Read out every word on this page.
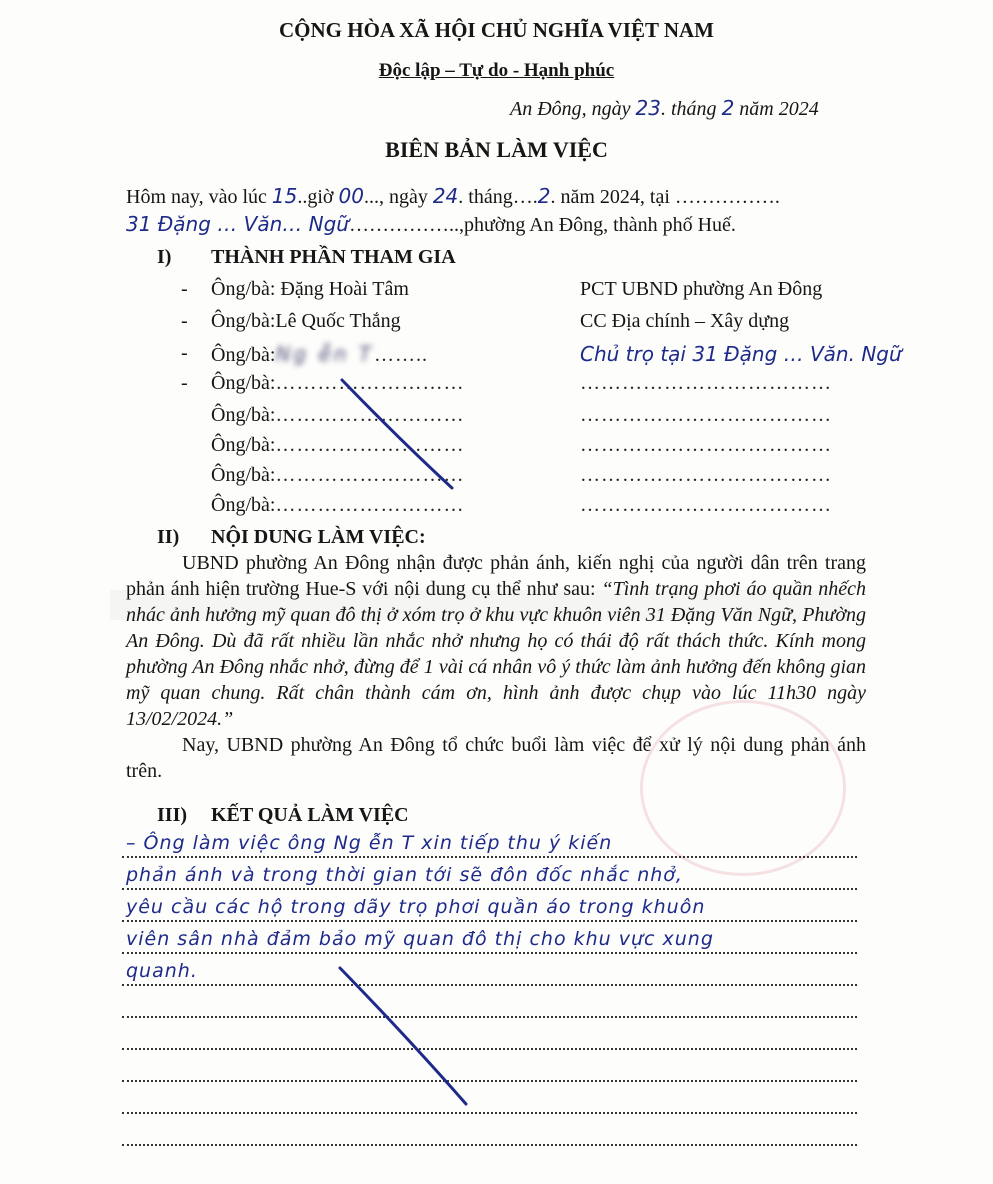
CỘNG HÒA XÃ HỘI CHỦ NGHĨA VIỆT NAM
Độc lập – Tự do - Hạnh phúc
An Đông, ngày 23. tháng 2 năm 2024
BIÊN BẢN LÀM VIỆC
Hôm nay, vào lúc 15..giờ 00..., ngày 24. tháng….2. năm 2024, tại …………….
31 Đặng … Văn… Ngữ……………..,phường An Đông, thành phố Huế.
I) THÀNH PHẦN THAM GIA
- Ông/bà: Đặng Hoài Tâm	PCT UBND phường An Đông
- Ông/bà:Lê Quốc Thắng	CC Địa chính – Xây dựng
- Ông/bà:Ng ễn T……..	Chủ trọ tại 31 Đặng … Văn. Ngữ
- Ông/bà:………………………	………………………………
Ông/bà:………………………	………………………………
Ông/bà:………………………	………………………………
Ông/bà:………………………	………………………………
Ông/bà:………………………	………………………………
II) NỘI DUNG LÀM VIỆC:
UBND phường An Đông nhận được phản ánh, kiến nghị của người dân trên trang phản ánh hiện trường Hue-S với nội dung cụ thể như sau: “Tình trạng phơi áo quần nhếch nhác ảnh hưởng mỹ quan đô thị ở xóm trọ ở khu vực khuôn viên 31 Đặng Văn Ngữ, Phường An Đông. Dù đã rất nhiều lần nhắc nhở nhưng họ có thái độ rất thách thức. Kính mong phường An Đông nhắc nhở, đừng để 1 vài cá nhân vô ý thức làm ảnh hưởng đến không gian mỹ quan chung. Rất chân thành cám ơn, hình ảnh được chụp vào lúc 11h30 ngày 13/02/2024.”
Nay, UBND phường An Đông tổ chức buổi làm việc để xử lý nội dung phản ánh trên.
III) KẾT QUẢ LÀM VIỆC
– Ông làm việc ông Ng ễn T xin tiếp thu ý kiến
phản ánh và trong thời gian tới sẽ đôn đốc nhắc nhở,
yêu cầu các hộ trong dãy trọ phơi quần áo trong khuôn
viên sân nhà đảm bảo mỹ quan đô thị cho khu vực xung
quanh.
